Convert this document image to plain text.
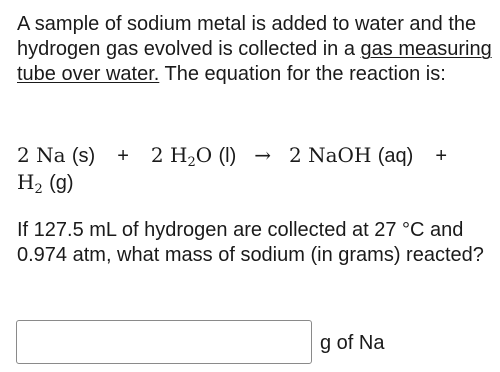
A sample of sodium metal is added to water and the hydrogen gas evolved is collected in a gas measuring tube over water. The equation for the reaction is:
2 Na (s) + 2 $H_2O$ (l) → 2 NaOH (aq) +
$H_2$ (g)
If 127.5 mL of hydrogen are collected at 27 °C and 0.974 atm, what mass of sodium (in grams) reacted?
g of Na
